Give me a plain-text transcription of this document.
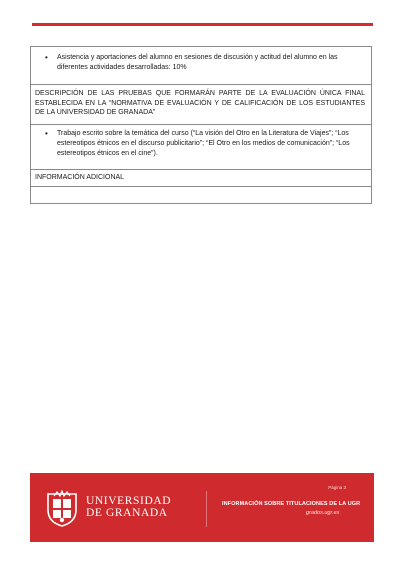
• Asistencia y aportaciones del alumno en sesiones de discusión y actitud del alumno en las diferentes actividades desarrolladas: 10%
DESCRIPCIÓN DE LAS PRUEBAS QUE FORMARÁN PARTE DE LA EVALUACIÓN ÚNICA FINAL ESTABLECIDA EN LA “NORMATIVA DE EVALUACIÓN Y DE CALIFICACIÓN DE LOS ESTUDIANTES DE LA UNIVERSIDAD DE GRANADA”
• Trabajo escrito sobre la temática del curso (“La visión del Otro en la Literatura de Viajes”; “Los estereotipos étnicos en el discurso publicitario”; “El Otro en los medios de comunicación”; “Los estereotipos étnicos en el cine”).
INFORMACIÓN ADICIONAL
UNIVERSIDAD
DE GRANADA
Página 3
INFORMACIÓN SOBRE TITULACIONES DE LA UGR
grados.ugr.es
